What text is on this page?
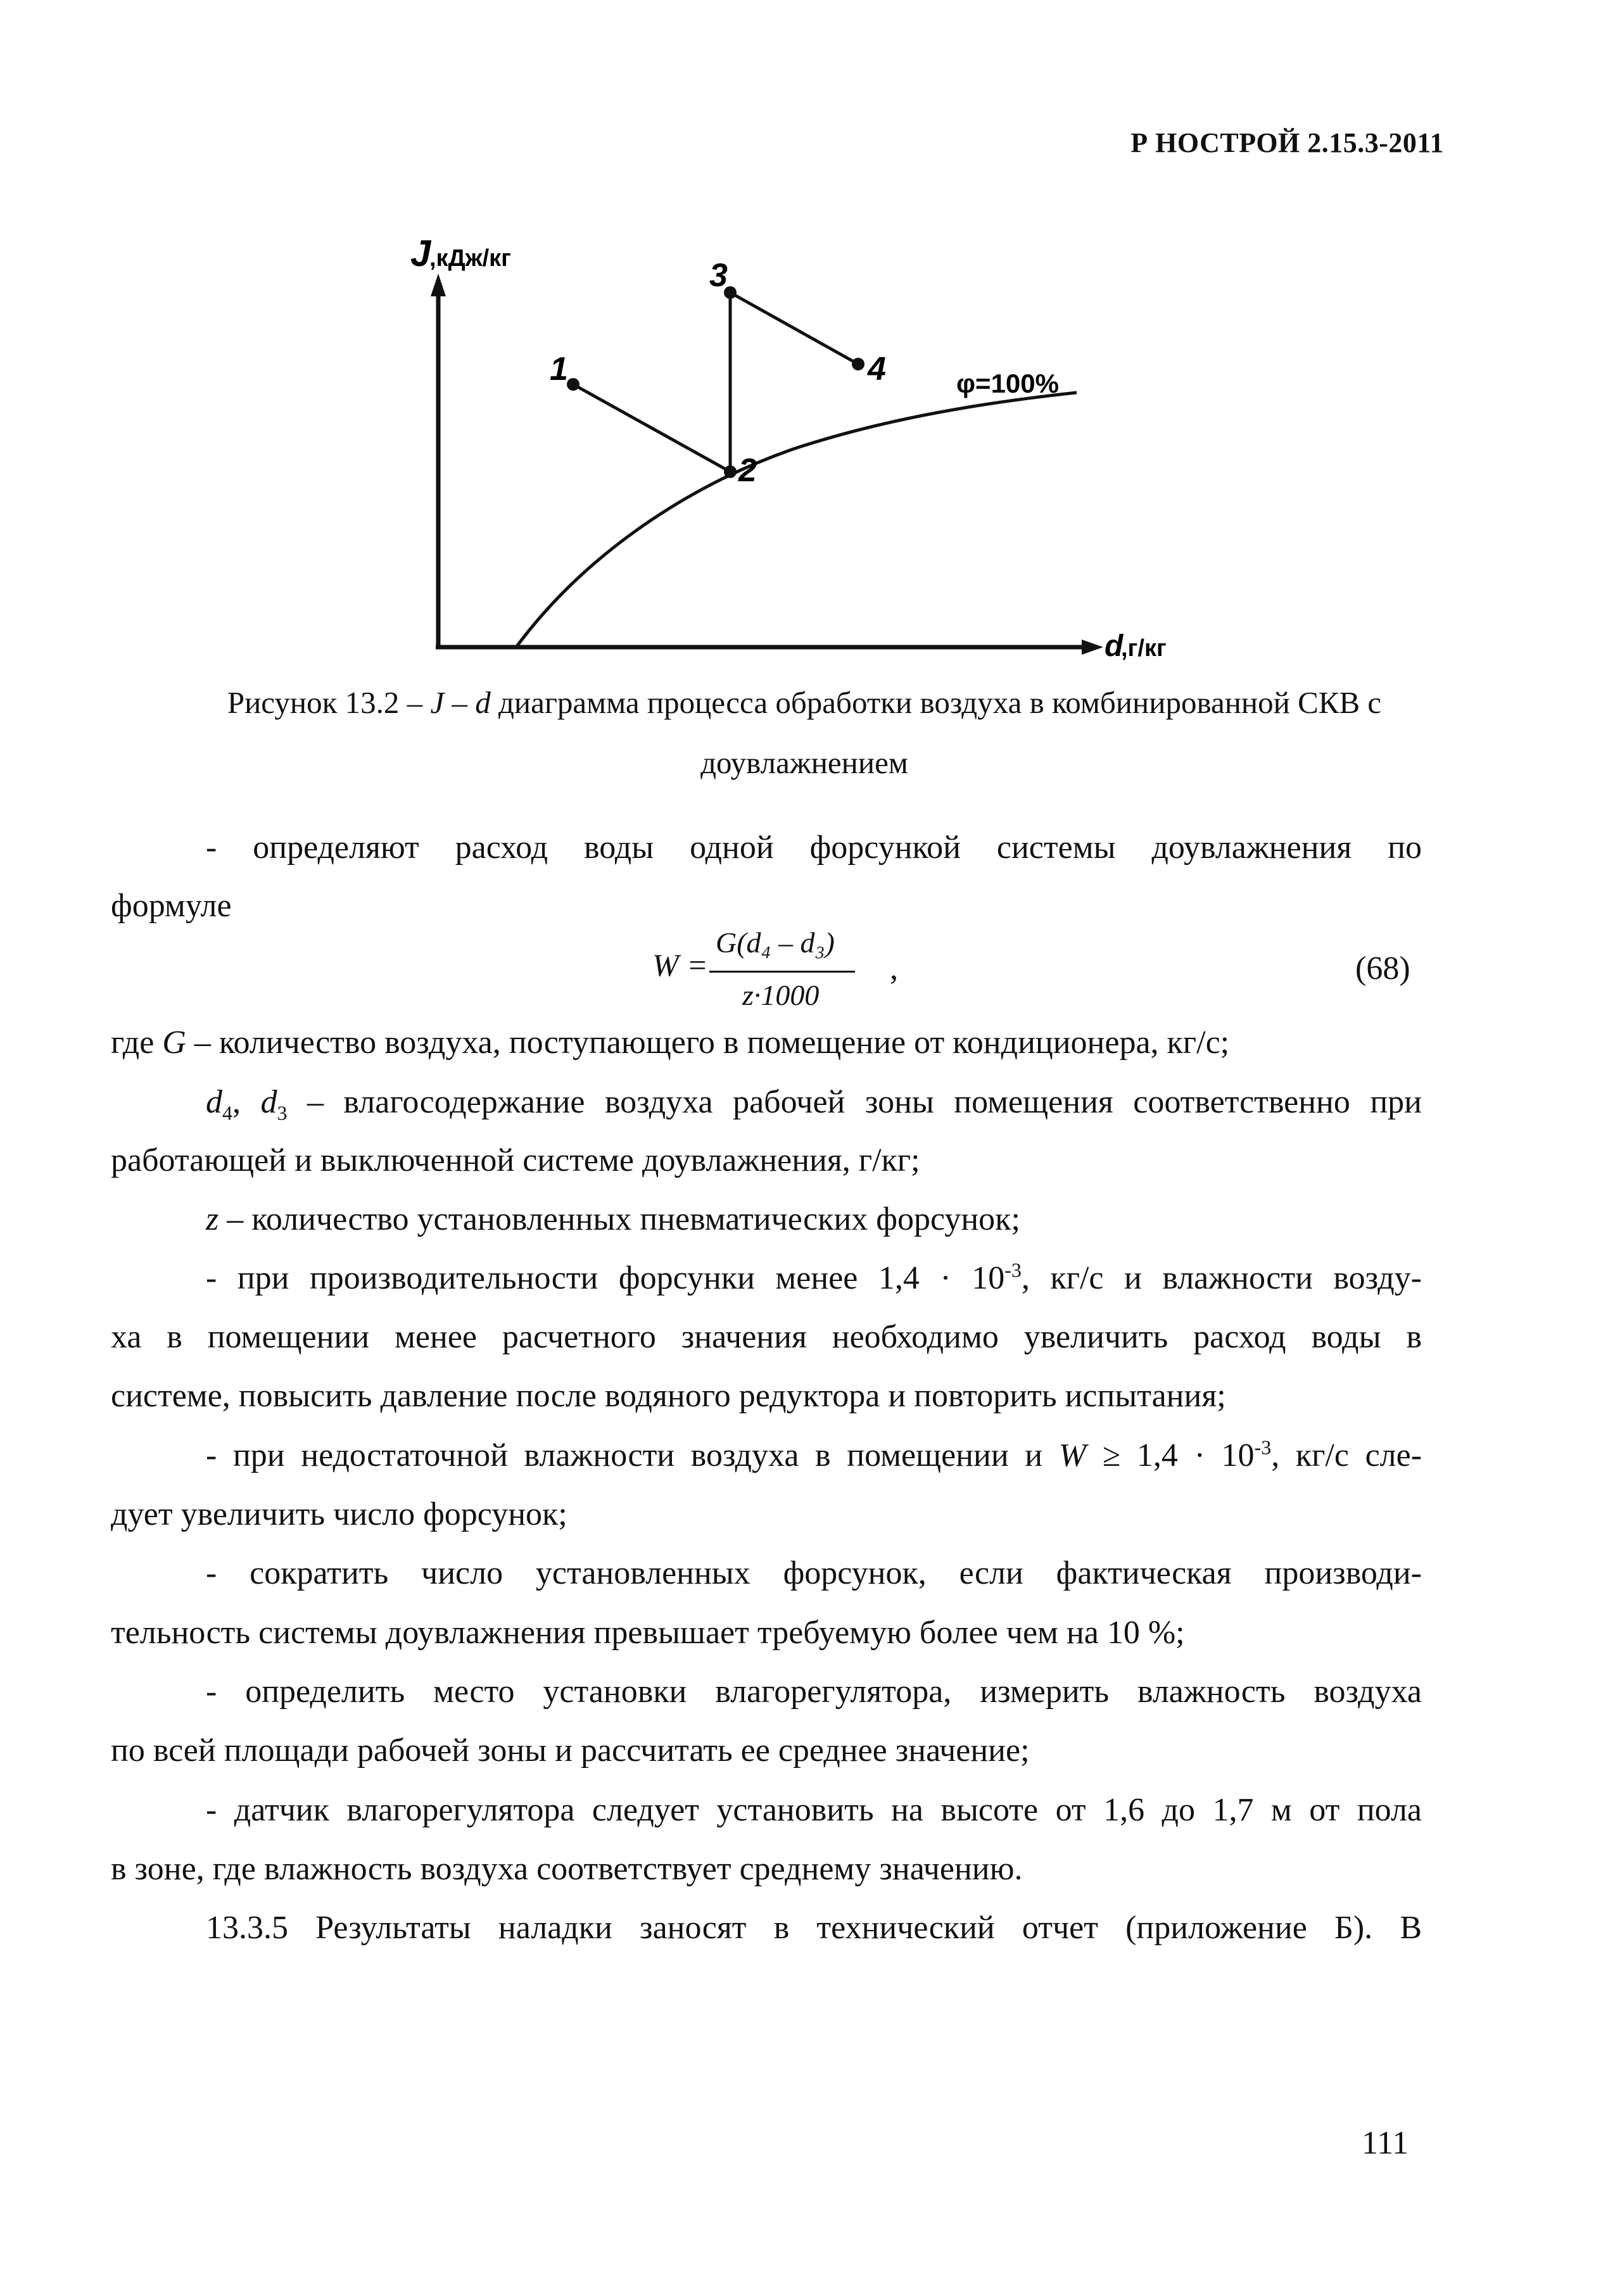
Р НОСТРОЙ 2.15.3-2011
J
,кДж/кг
d
,г/кг
1
2
3
4	φ=100%
Рисунок 13.2 – J – d диаграмма процесса обработки воздуха в комбинированной СКВ с
доувлажнением
- определяют расход воды одной форсункой системы доувлажнения по
формуле
W =
G(d₄ – d₃)
z·1000
,	(68)
где G – количество воздуха, поступающего в помещение от кондиционера, кг/с;
$d_4$, $d_3$ – влагосодержание воздуха рабочей зоны помещения соответственно при
работающей и выключенной системе доувлажнения, г/кг;
z – количество установленных пневматических форсунок;
- при производительности форсунки менее $1,4 \cdot 10^{-3}$, кг/с и влажности возду-
ха в помещении менее расчетного значения необходимо увеличить расход воды в
системе, повысить давление после водяного редуктора и повторить испытания;
- при недостаточной влажности воздуха в помещении и $W \ge 1,4 \cdot 10^{-3}$, кг/с сле-
дует увеличить число форсунок;
- сократить число установленных форсунок, если фактическая производи-
тельность системы доувлажнения превышает требуемую более чем на 10 %;
- определить место установки влагорегулятора, измерить влажность воздуха
по всей площади рабочей зоны и рассчитать ее среднее значение;
- датчик влагорегулятора следует установить на высоте от 1,6 до 1,7 м от пола
в зоне, где влажность воздуха соответствует среднему значению.
13.3.5 Результаты наладки заносят в технический отчет (приложение Б). В
111
